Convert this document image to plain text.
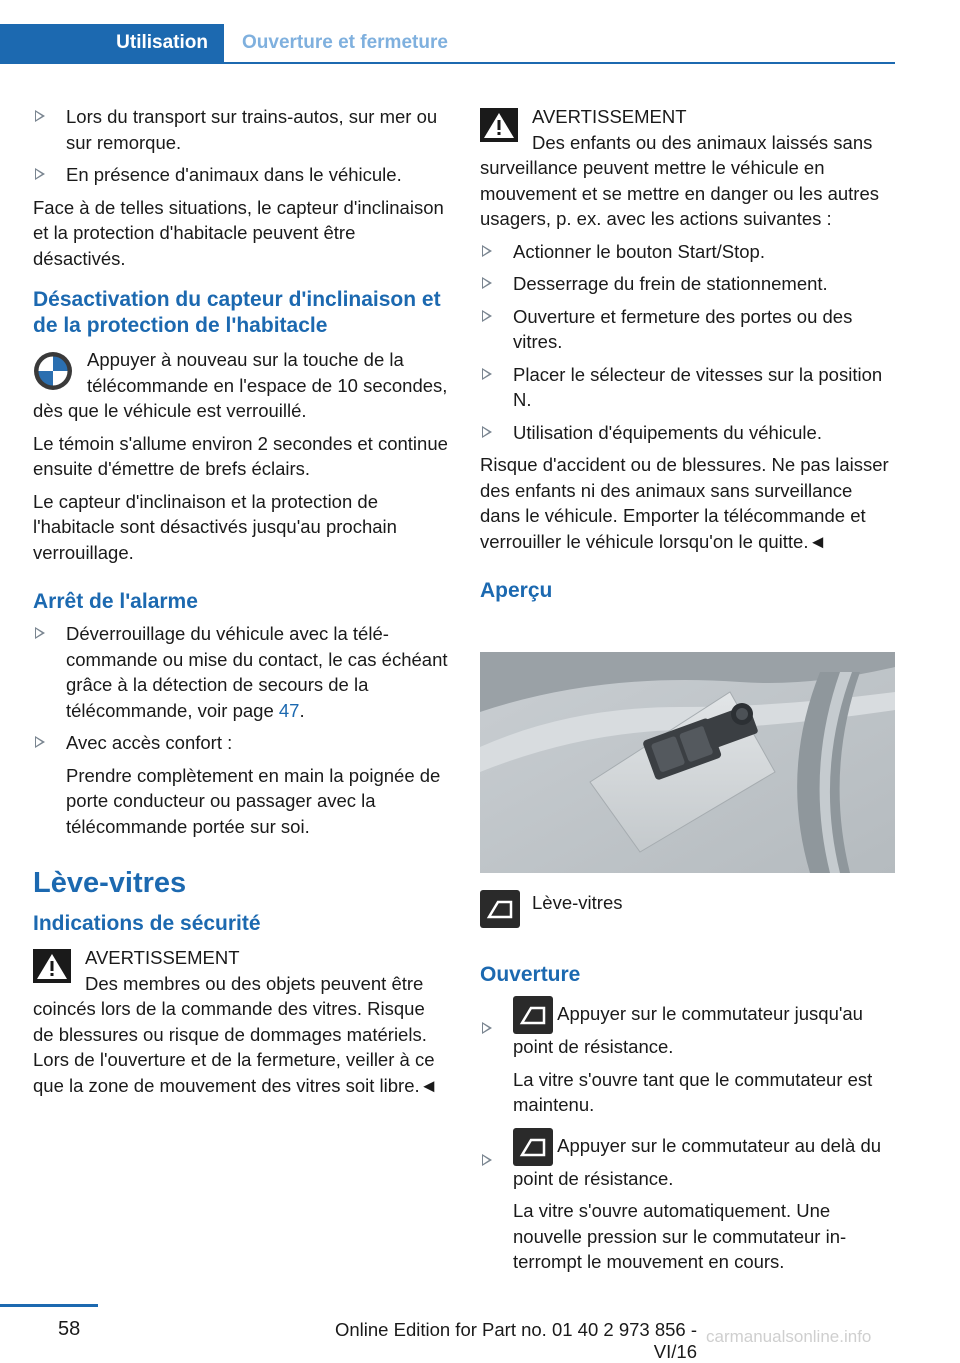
Utilisation	Ouverture et fermeture
Lors du transport sur trains-autos, sur mer ou sur remorque.
En présence d'animaux dans le véhicule.

Face à de telles situations, le capteur d'inclinaison et la protection d'habitacle peuvent être désactivés.

Désactivation du capteur d'inclinaison et de la protection de l'habitacle

Appuyer à nouveau sur la touche de la télécommande en l'espace de 10 secondes, dès que le véhicule est verrouillé.

Le témoin s'allume environ 2 secondes et continue ensuite d'émettre de brefs éclairs.

Le capteur d'inclinaison et la protection de l'habitacle sont désactivés jusqu'au prochain verrouillage.

Arrêt de l'alarme
Déverrouillage du véhicule avec la télécommande ou mise du contact, le cas échéant grâce à la détection de secours de la télécommande, voir page 47.
Avec accès confort :
Prendre complètement en main la poignée de porte conducteur ou passager avec la télécommande portée sur soi.
Lève-vitres
Indications de sécurité
AVERTISSEMENT
Des membres ou des objets peuvent être coincés lors de la commande des vitres. Risque de blessures ou risque de dommages matériels. Lors de l'ouverture et de la fermeture, veiller à ce que la zone de mouvement des vitres soit libre.◄
AVERTISSEMENT
Des enfants ou des animaux laissés sans surveillance peuvent mettre le véhicule en mouvement et se mettre en danger ou les autres usagers, p. ex. avec les actions suivantes :
Actionner le bouton Start/Stop.
Desserrage du frein de stationnement.
Ouverture et fermeture des portes ou des vitres.
Placer le sélecteur de vitesses sur la position N.
Utilisation d'équipements du véhicule.

Risque d'accident ou de blessures. Ne pas laisser des enfants ni des animaux sans surveillance dans le véhicule. Emporter la télécommande et verrouiller le véhicule lorsqu'on le quitte.◄

Aperçu
Lève-vitres
Ouverture
Appuyer sur le commutateur jusqu'au point de résistance.
La vitre s'ouvre tant que le commutateur est maintenu.
Appuyer sur le commutateur au delà du point de résistance.
La vitre s'ouvre automatiquement. Une nouvelle pression sur le commutateur interrompt le mouvement en cours.
58	Online Edition for Part no. 01 40 2 973 856 - VI/16
carmanualsonline.info
